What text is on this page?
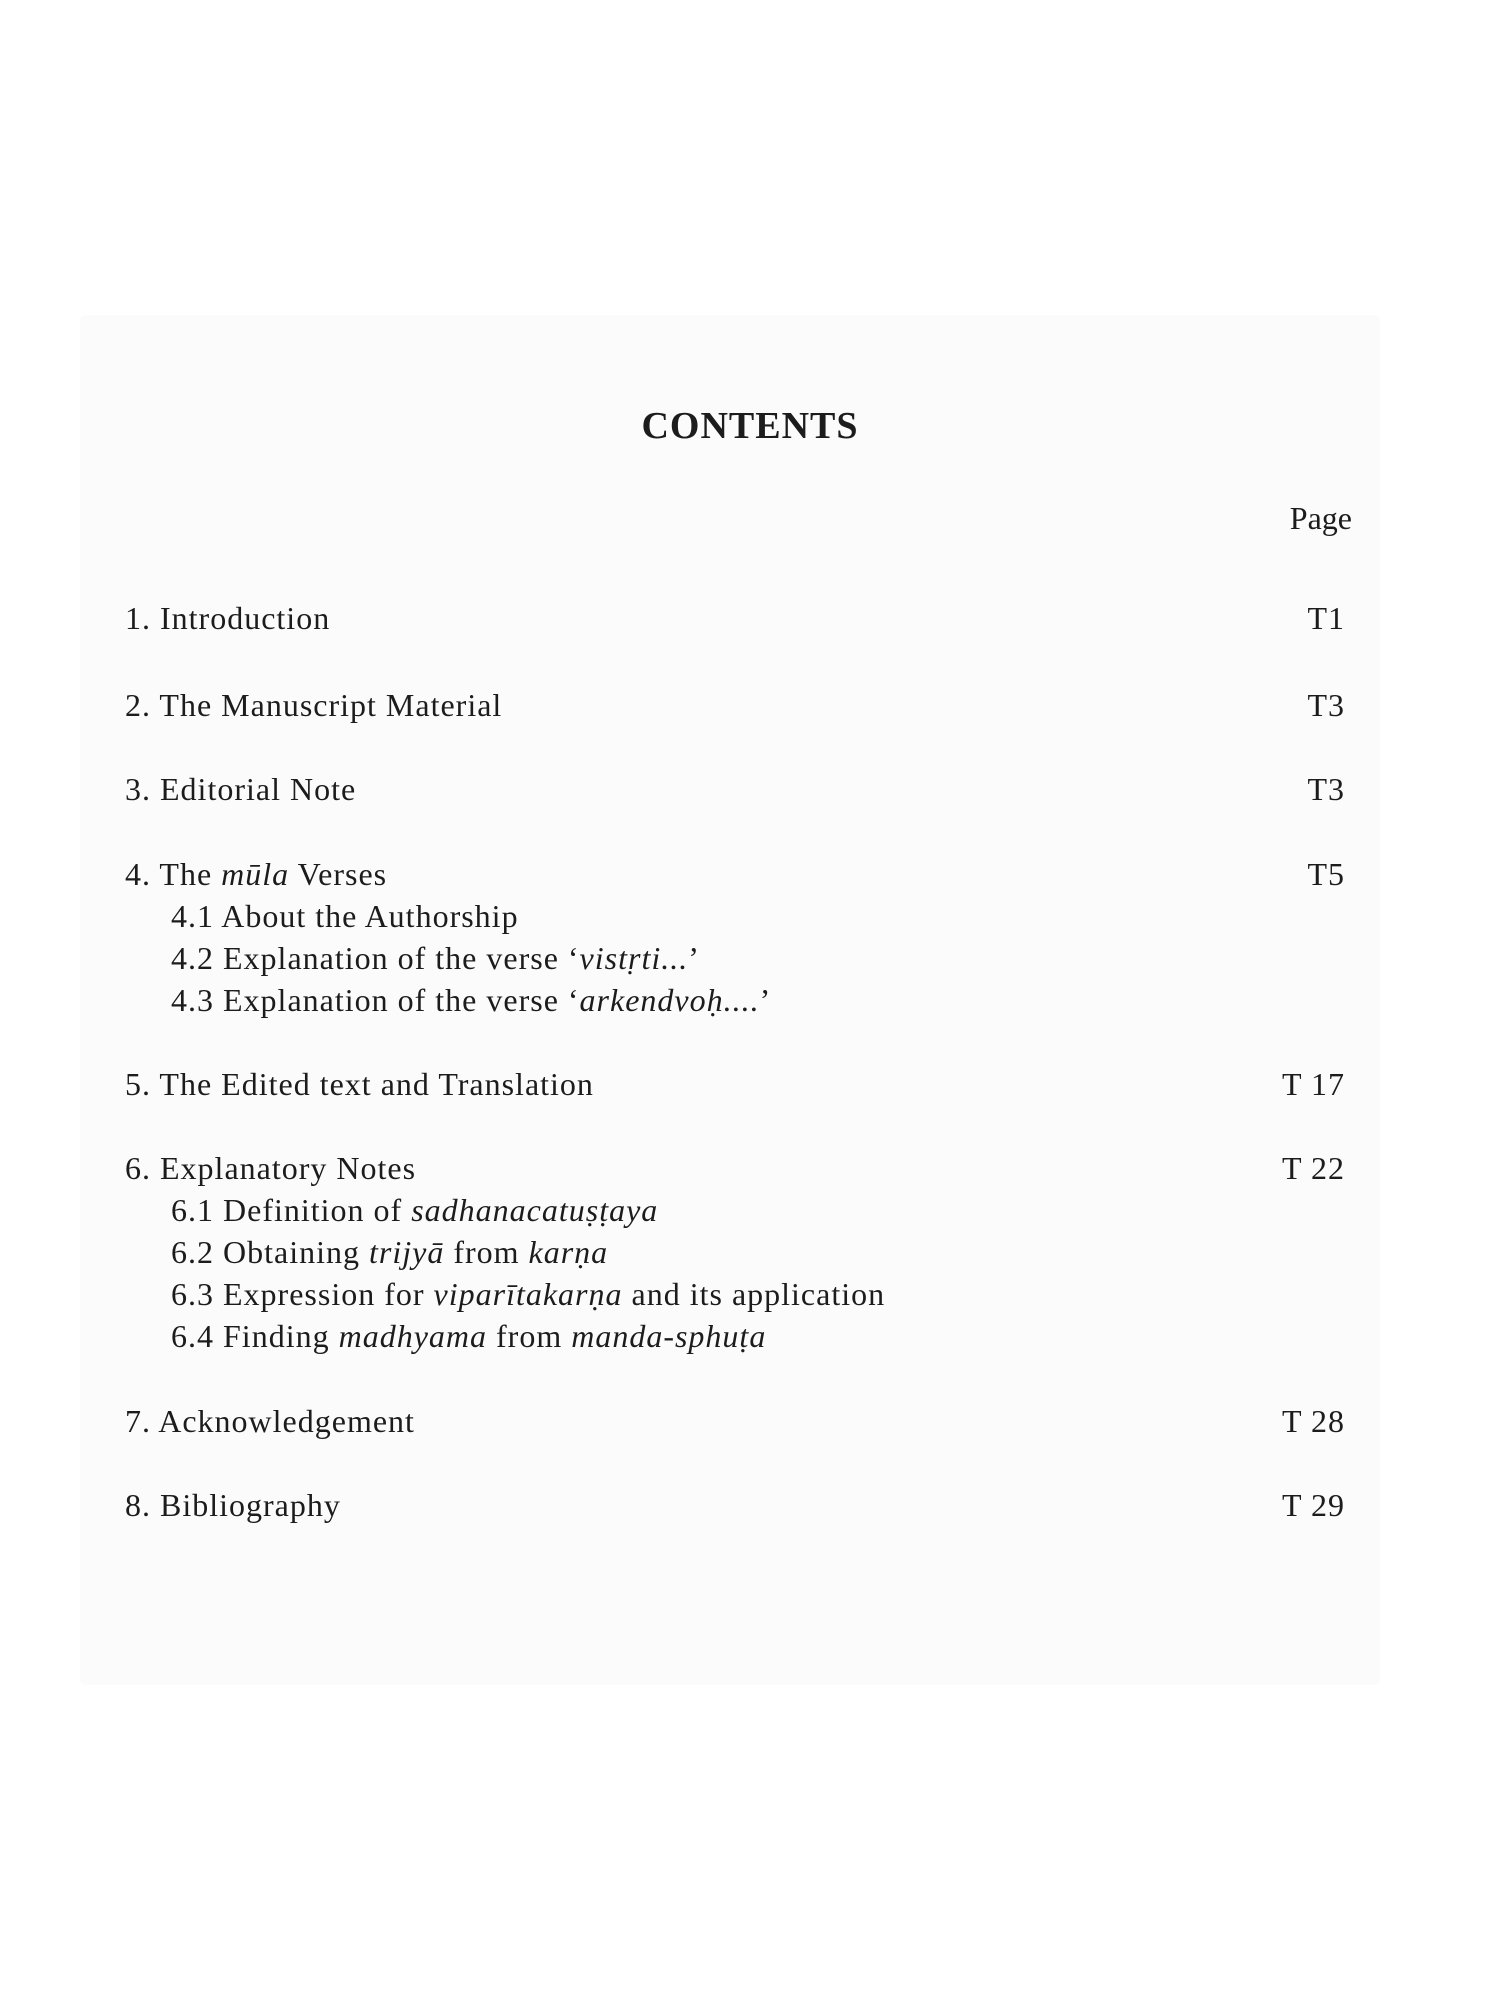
CONTENTS
Page
1. Introduction	T1
2. The Manuscript Material	T3
3. Editorial Note	T3
4. The mūla Verses	T5
4.1 About the Authorship
4.2 Explanation of the verse ‘vistṛti...’
4.3 Explanation of the verse ‘arkendvoḥ....’
5. The Edited text and Translation	T 17
6. Explanatory Notes	T 22
6.1 Definition of sadhanacatuṣṭaya
6.2 Obtaining trijyā from karṇa
6.3 Expression for viparītakarṇa and its application
6.4 Finding madhyama from manda-sphuṭa
7. Acknowledgement	T 28
8. Bibliography	T 29
